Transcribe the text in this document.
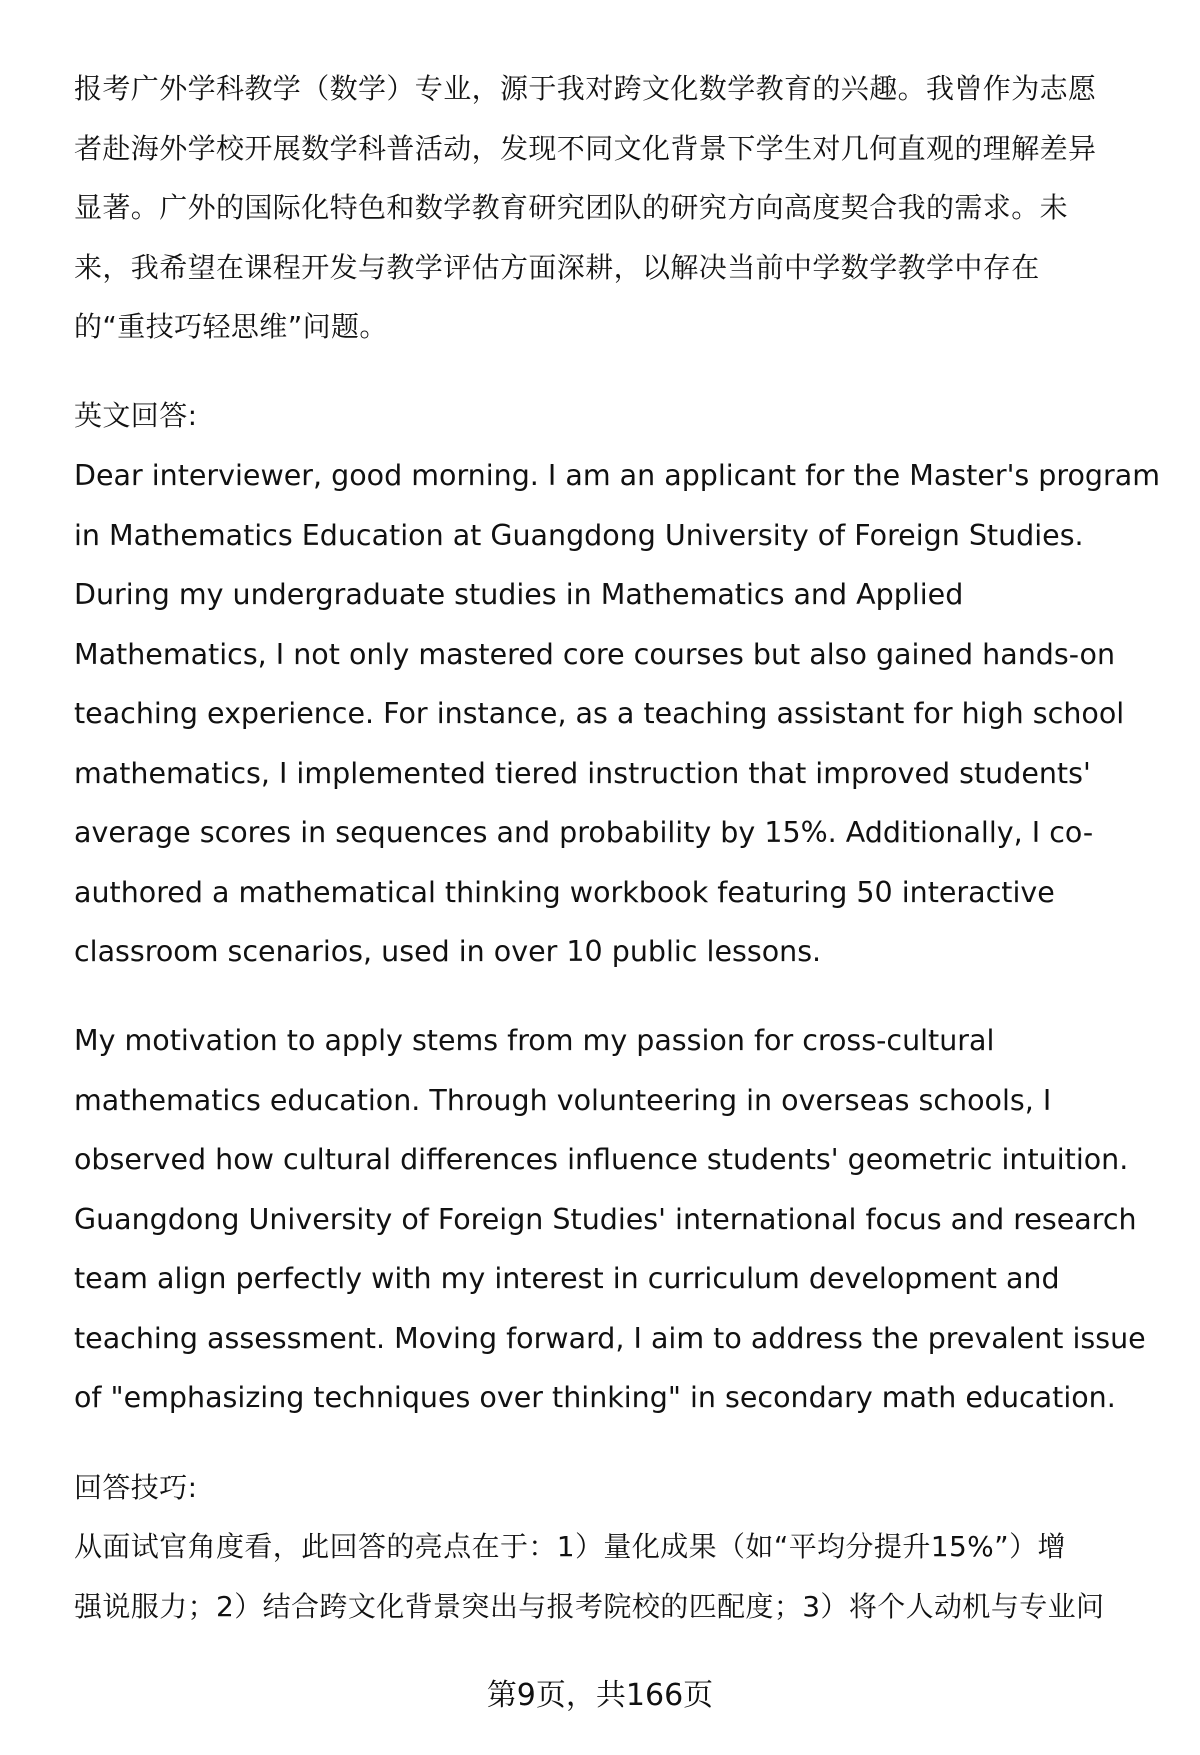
报考广外学科教学（数学）专业，源于我对跨文化数学教育的兴趣。我曾作为志愿
者赴海外学校开展数学科普活动，发现不同文化背景下学生对几何直观的理解差异
显著。广外的国际化特色和数学教育研究团队的研究方向高度契合我的需求。未
来，我希望在课程开发与教学评估方面深耕，以解决当前中学数学教学中存在
的“重技巧轻思维”问题。
英文回答:
Dear interviewer, good morning. I am an applicant for the Master's program
in Mathematics Education at Guangdong University of Foreign Studies.
During my undergraduate studies in Mathematics and Applied
Mathematics, I not only mastered core courses but also gained hands-on
teaching experience. For instance, as a teaching assistant for high school
mathematics, I implemented tiered instruction that improved students'
average scores in sequences and probability by 15%. Additionally, I co-
authored a mathematical thinking workbook featuring 50 interactive
classroom scenarios, used in over 10 public lessons.
My motivation to apply stems from my passion for cross-cultural
mathematics education. Through volunteering in overseas schools, I
observed how cultural differences influence students' geometric intuition.
Guangdong University of Foreign Studies' international focus and research
team align perfectly with my interest in curriculum development and
teaching assessment. Moving forward, I aim to address the prevalent issue
of "emphasizing techniques over thinking" in secondary math education.
回答技巧:
从面试官角度看，此回答的亮点在于：1）量化成果（如“平均分提升15%”）增
强说服力；2）结合跨文化背景突出与报考院校的匹配度；3）将个人动机与专业问
第9页，共166页
